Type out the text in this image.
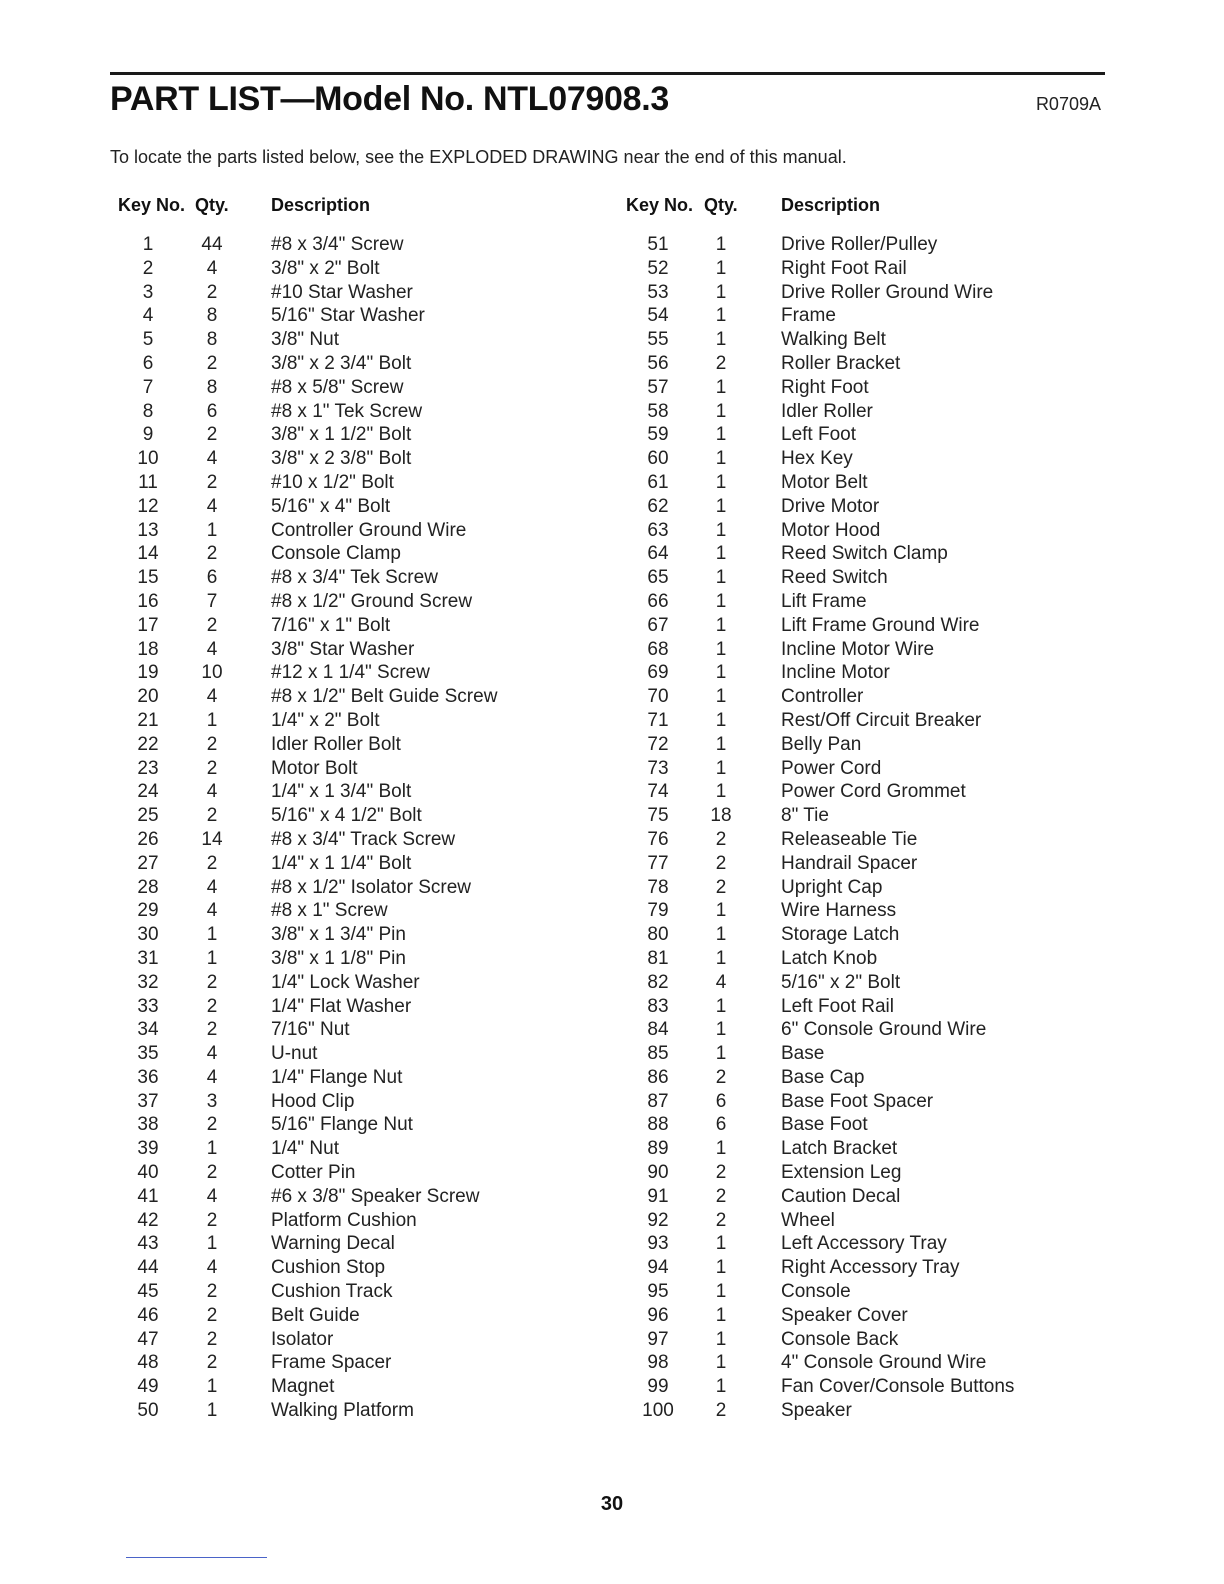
PART LIST—Model No. NTL07908.3	R0709A
To locate the parts listed below, see the EXPLODED DRAWING near the end of this manual.
Key No. Qty. Description	Key No. Qty. Description
1	44	#8 x 3/4" Screw
2	4	3/8" x 2" Bolt
3	2	#10 Star Washer
4	8	5/16" Star Washer
5	8	3/8" Nut
6	2	3/8" x 2 3/4" Bolt
7	8	#8 x 5/8" Screw
8	6	#8 x 1" Tek Screw
9	2	3/8" x 1 1/2" Bolt
10	4	3/8" x 2 3/8" Bolt
11	2	#10 x 1/2" Bolt
12	4	5/16" x 4" Bolt
13	1	Controller Ground Wire
14	2	Console Clamp
15	6	#8 x 3/4" Tek Screw
16	7	#8 x 1/2" Ground Screw
17	2	7/16" x 1" Bolt
18	4	3/8" Star Washer
19	10	#12 x 1 1/4" Screw
20	4	#8 x 1/2" Belt Guide Screw
21	1	1/4" x 2" Bolt
22	2	Idler Roller Bolt
23	2	Motor Bolt
24	4	1/4" x 1 3/4" Bolt
25	2	5/16" x 4 1/2" Bolt
26	14	#8 x 3/4" Track Screw
27	2	1/4" x 1 1/4" Bolt
28	4	#8 x 1/2" Isolator Screw
29	4	#8 x 1" Screw
30	1	3/8" x 1 3/4" Pin
31	1	3/8" x 1 1/8" Pin
32	2	1/4" Lock Washer
33	2	1/4" Flat Washer
34	2	7/16" Nut
35	4	U-nut
36	4	1/4" Flange Nut
37	3	Hood Clip
38	2	5/16" Flange Nut
39	1	1/4" Nut
40	2	Cotter Pin
41	4	#6 x 3/8" Speaker Screw
42	2	Platform Cushion
43	1	Warning Decal
44	4	Cushion Stop
45	2	Cushion Track
46	2	Belt Guide
47	2	Isolator
48	2	Frame Spacer
49	1	Magnet
50	1	Walking Platform
51	1	Drive Roller/Pulley
52	1	Right Foot Rail
53	1	Drive Roller Ground Wire
54	1	Frame
55	1	Walking Belt
56	2	Roller Bracket
57	1	Right Foot
58	1	Idler Roller
59	1	Left Foot
60	1	Hex Key
61	1	Motor Belt
62	1	Drive Motor
63	1	Motor Hood
64	1	Reed Switch Clamp
65	1	Reed Switch
66	1	Lift Frame
67	1	Lift Frame Ground Wire
68	1	Incline Motor Wire
69	1	Incline Motor
70	1	Controller
71	1	Rest/Off Circuit Breaker
72	1	Belly Pan
73	1	Power Cord
74	1	Power Cord Grommet
75	18	8" Tie
76	2	Releaseable Tie
77	2	Handrail Spacer
78	2	Upright Cap
79	1	Wire Harness
80	1	Storage Latch
81	1	Latch Knob
82	4	5/16" x 2" Bolt
83	1	Left Foot Rail
84	1	6" Console Ground Wire
85	1	Base
86	2	Base Cap
87	6	Base Foot Spacer
88	6	Base Foot
89	1	Latch Bracket
90	2	Extension Leg
91	2	Caution Decal
92	2	Wheel
93	1	Left Accessory Tray
94	1	Right Accessory Tray
95	1	Console
96	1	Speaker Cover
97	1	Console Back
98	1	4" Console Ground Wire
99	1	Fan Cover/Console Buttons
100	2	Speaker
30
